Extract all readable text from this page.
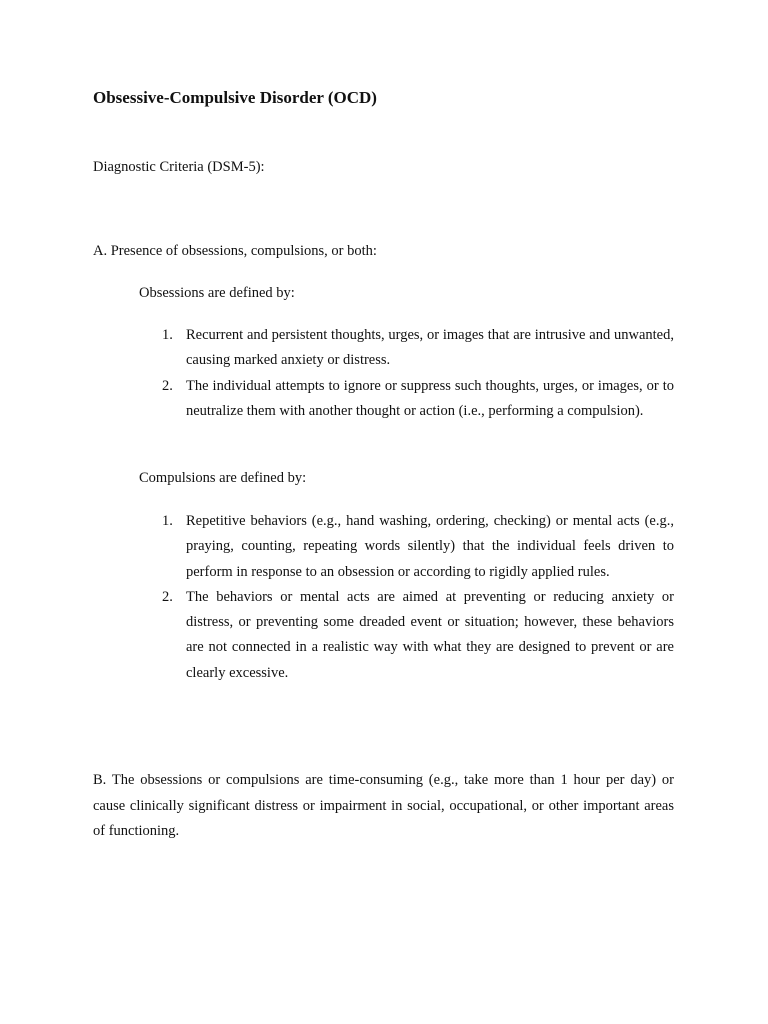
Obsessive-Compulsive Disorder (OCD)

Diagnostic Criteria (DSM-5):

A. Presence of obsessions, compulsions, or both:

Obsessions are defined by:

1. Recurrent and persistent thoughts, urges, or images that are intrusive and unwanted, causing marked anxiety or distress.
2. The individual attempts to ignore or suppress such thoughts, urges, or images, or to neutralize them with another thought or action (i.e., performing a compulsion).

Compulsions are defined by:

1. Repetitive behaviors (e.g., hand washing, ordering, checking) or mental acts (e.g., praying, counting, repeating words silently) that the individual feels driven to perform in response to an obsession or according to rigidly applied rules.
2. The behaviors or mental acts are aimed at preventing or reducing anxiety or distress, or preventing some dreaded event or situation; however, these behaviors are not connected in a realistic way with what they are designed to prevent or are clearly excessive.

B. The obsessions or compulsions are time-consuming (e.g., take more than 1 hour per day) or cause clinically significant distress or impairment in social, occupational, or other important areas of functioning.
